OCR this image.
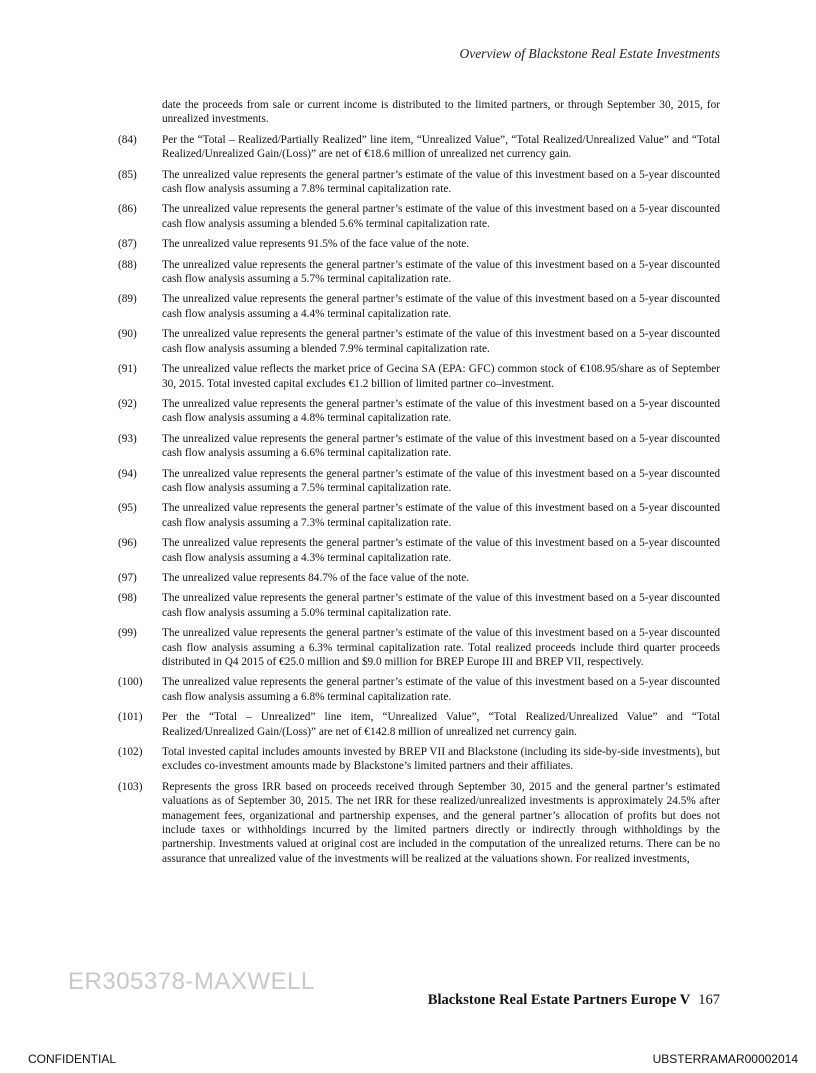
Overview of Blackstone Real Estate Investments
date the proceeds from sale or current income is distributed to the limited partners, or through September 30, 2015, for unrealized investments.
(84)	Per the “Total – Realized/Partially Realized” line item, “Unrealized Value”, “Total Realized/Unrealized Value” and “Total Realized/Unrealized Gain/(Loss)” are net of €18.6 million of unrealized net currency gain.
(85)	The unrealized value represents the general partner’s estimate of the value of this investment based on a 5-year discounted cash flow analysis assuming a 7.8% terminal capitalization rate.
(86)	The unrealized value represents the general partner’s estimate of the value of this investment based on a 5-year discounted cash flow analysis assuming a blended 5.6% terminal capitalization rate.
(87)	The unrealized value represents 91.5% of the face value of the note.
(88)	The unrealized value represents the general partner’s estimate of the value of this investment based on a 5-year discounted cash flow analysis assuming a 5.7% terminal capitalization rate.
(89)	The unrealized value represents the general partner’s estimate of the value of this investment based on a 5-year discounted cash flow analysis assuming a 4.4% terminal capitalization rate.
(90)	The unrealized value represents the general partner’s estimate of the value of this investment based on a 5-year discounted cash flow analysis assuming a blended 7.9% terminal capitalization rate.
(91)	The unrealized value reflects the market price of Gecina SA (EPA: GFC) common stock of €108.95/share as of September 30, 2015. Total invested capital excludes €1.2 billion of limited partner co–investment.
(92)	The unrealized value represents the general partner’s estimate of the value of this investment based on a 5-year discounted cash flow analysis assuming a 4.8% terminal capitalization rate.
(93)	The unrealized value represents the general partner’s estimate of the value of this investment based on a 5-year discounted cash flow analysis assuming a 6.6% terminal capitalization rate.
(94)	The unrealized value represents the general partner’s estimate of the value of this investment based on a 5-year discounted cash flow analysis assuming a 7.5% terminal capitalization rate.
(95)	The unrealized value represents the general partner’s estimate of the value of this investment based on a 5-year discounted cash flow analysis assuming a 7.3% terminal capitalization rate.
(96)	The unrealized value represents the general partner’s estimate of the value of this investment based on a 5-year discounted cash flow analysis assuming a 4.3% terminal capitalization rate.
(97)	The unrealized value represents 84.7% of the face value of the note.
(98)	The unrealized value represents the general partner’s estimate of the value of this investment based on a 5-year discounted cash flow analysis assuming a 5.0% terminal capitalization rate.
(99)	The unrealized value represents the general partner’s estimate of the value of this investment based on a 5-year discounted cash flow analysis assuming a 6.3% terminal capitalization rate. Total realized proceeds include third quarter proceeds distributed in Q4 2015 of €25.0 million and $9.0 million for BREP Europe III and BREP VII, respectively.
(100)	The unrealized value represents the general partner’s estimate of the value of this investment based on a 5-year discounted cash flow analysis assuming a 6.8% terminal capitalization rate.
(101)	Per the “Total – Unrealized” line item, “Unrealized Value”, “Total Realized/Unrealized Value” and “Total Realized/Unrealized Gain/(Loss)” are net of €142.8 million of unrealized net currency gain.
(102)	Total invested capital includes amounts invested by BREP VII and Blackstone (including its side-by-side investments), but excludes co-investment amounts made by Blackstone’s limited partners and their affiliates.
(103)	Represents the gross IRR based on proceeds received through September 30, 2015 and the general partner’s estimated valuations as of September 30, 2015. The net IRR for these realized/unrealized investments is approximately 24.5% after management fees, organizational and partnership expenses, and the general partner’s allocation of profits but does not include taxes or withholdings incurred by the limited partners directly or indirectly through withholdings by the partnership. Investments valued at original cost are included in the computation of the unrealized returns. There can be no assurance that unrealized value of the investments will be realized at the valuations shown. For realized investments,
ER305378-MAXWELL
Blackstone Real Estate Partners Europe V 167
CONFIDENTIAL	UBSTERRAMAR00002014
